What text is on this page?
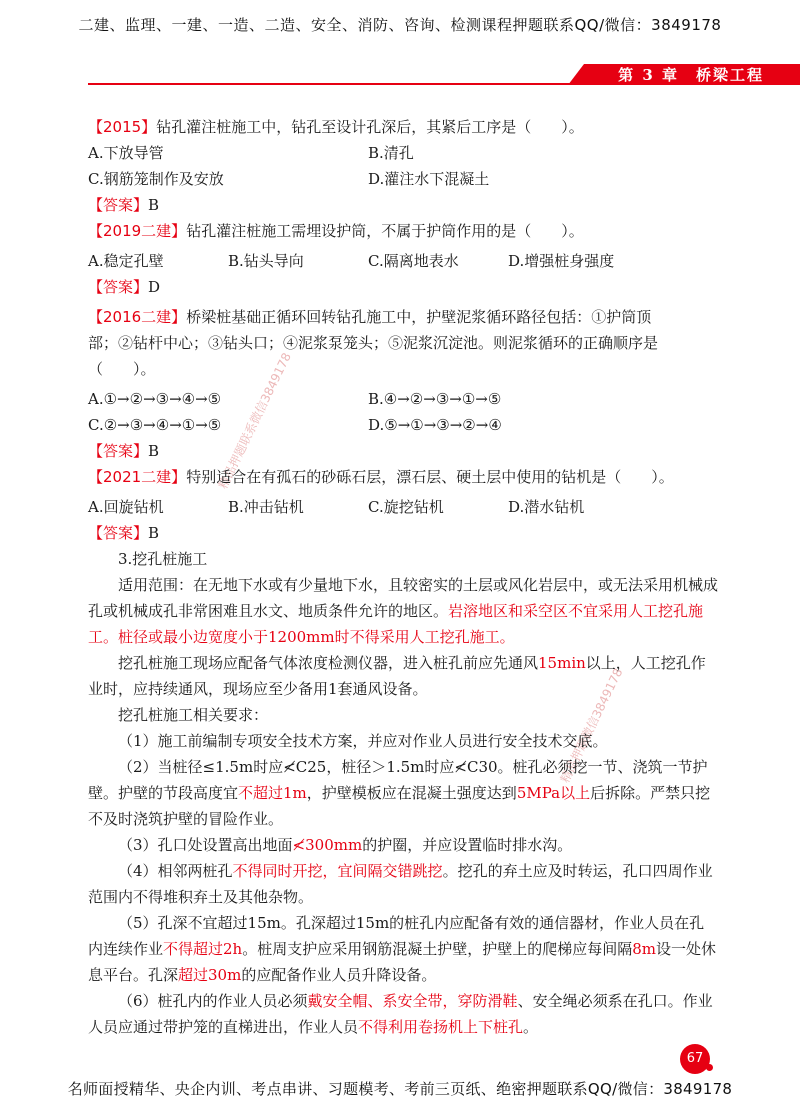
二建、监理、一建、一造、二造、安全、消防、咨询、检测课程押题联系QQ/微信：3849178
第 3 章　桥梁工程
精品押题联系微信3849178
精品押题微信3849178
【2015】钻孔灌注桩施工中，钻孔至设计孔深后，其紧后工序是（　　）。
A.下放导管	B.清孔
C.钢筋笼制作及安放	D.灌注水下混凝土
【答案】B
【2019二建】钻孔灌注桩施工需埋设护筒，不属于护筒作用的是（　　）。
A.稳定孔壁	B.钻头导向	C.隔离地表水	D.增强桩身强度
【答案】D
【2016二建】桥梁桩基础正循环回转钻孔施工中，护壁泥浆循环路径包括：①护筒顶
部；②钻杆中心；③钻头口；④泥浆泵笼头；⑤泥浆沉淀池。则泥浆循环的正确顺序是
（　　）。
A.①→②→③→④→⑤	B.④→②→③→①→⑤
C.②→③→④→①→⑤	D.⑤→①→③→②→④
【答案】B
【2021二建】特别适合在有孤石的砂砾石层，漂石层、硬土层中使用的钻机是（　　）。
A.回旋钻机	B.冲击钻机	C.旋挖钻机	D.潜水钻机
【答案】B
3.挖孔桩施工
适用范围：在无地下水或有少量地下水，且较密实的土层或风化岩层中，或无法采用机械成孔或机械成孔非常困难且水文、地质条件允许的地区。岩溶地区和采空区不宜采用人工挖孔施工。桩径或最小边宽度小于1200mm时不得采用人工挖孔施工。
挖孔桩施工现场应配备气体浓度检测仪器，进入桩孔前应先通风15min以上，人工挖孔作业时，应持续通风，现场应至少备用1套通风设备。
挖孔桩施工相关要求：
（1）施工前编制专项安全技术方案，并应对作业人员进行安全技术交底。
（2）当桩径≤1.5m时应≮C25，桩径＞1.5m时应≮C30。桩孔必须挖一节、浇筑一节护壁。护壁的节段高度宜不超过1m，护壁模板应在混凝土强度达到5MPa以上后拆除。严禁只挖不及时浇筑护壁的冒险作业。
（3）孔口处设置高出地面≮300mm的护圈，并应设置临时排水沟。
（4）相邻两桩孔不得同时开挖，宜间隔交错跳挖。挖孔的弃土应及时转运，孔口四周作业范围内不得堆积弃土及其他杂物。
（5）孔深不宜超过15m。孔深超过15m的桩孔内应配备有效的通信器材，作业人员在孔内连续作业不得超过2h。桩周支护应采用钢筋混凝土护壁，护壁上的爬梯应每间隔8m设一处休息平台。孔深超过30m的应配备作业人员升降设备。
（6）桩孔内的作业人员必须戴安全帽、系安全带，穿防滑鞋、安全绳必须系在孔口。作业人员应通过带护笼的直梯进出，作业人员不得利用卷扬机上下桩孔。
67
名师面授精华、央企内训、考点串讲、习题模考、考前三页纸、绝密押题联系QQ/微信：3849178
